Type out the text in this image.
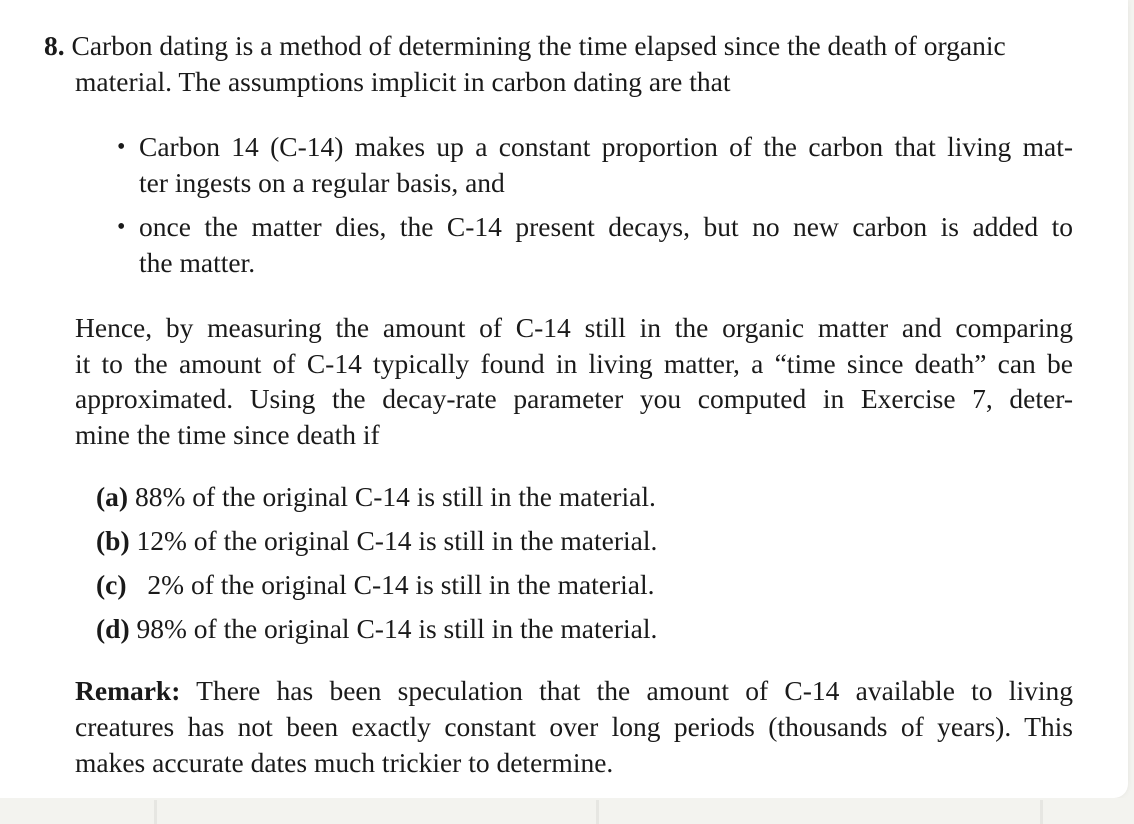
8. Carbon dating is a method of determining the time elapsed since the death of organic
material. The assumptions implicit in carbon dating are that
• Carbon 14 (C-14) makes up a constant proportion of the carbon that living mat-
ter ingests on a regular basis, and
• once the matter dies, the C-14 present decays, but no new carbon is added to
the matter.
Hence, by measuring the amount of C-14 still in the organic matter and comparing
it to the amount of C-14 typically found in living matter, a “time since death” can be
approximated. Using the decay-rate parameter you computed in Exercise 7, deter-
mine the time since death if
(a) 88% of the original C-14 is still in the material.
(b) 12% of the original C-14 is still in the material.
(c) 2% of the original C-14 is still in the material.
(d) 98% of the original C-14 is still in the material.
Remark: There has been speculation that the amount of C-14 available to living
creatures has not been exactly constant over long periods (thousands of years). This
makes accurate dates much trickier to determine.
